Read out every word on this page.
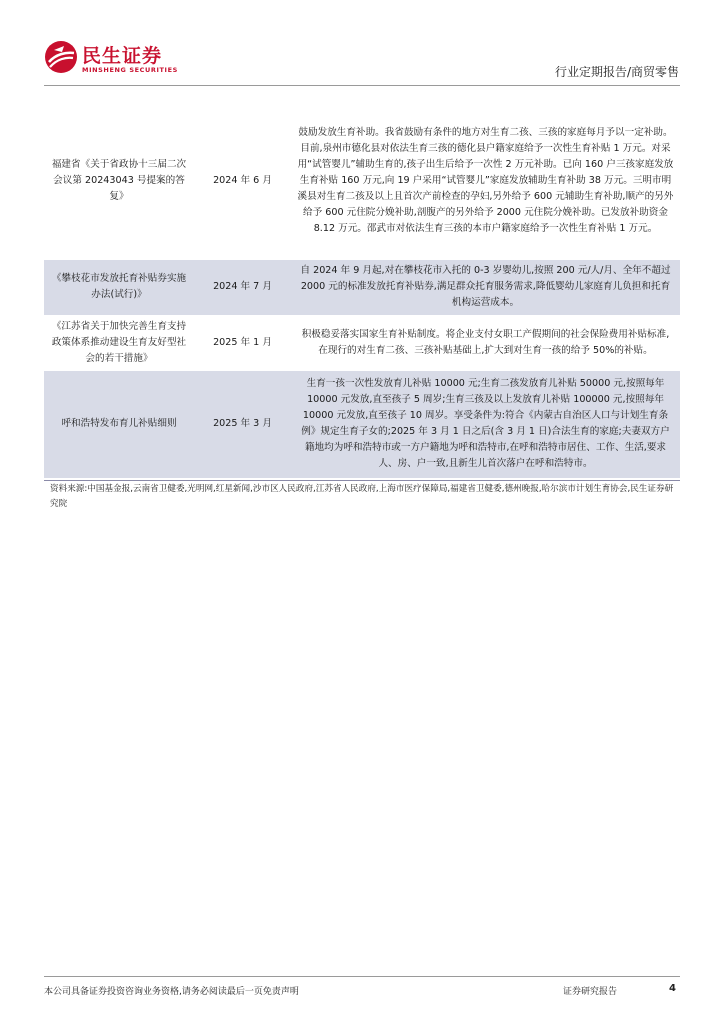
民生证券
MINSHENG SECURITIES	行业定期报告/商贸零售
福建省《关于省政协十三届二次会议第 20243043 号提案的答复》	2024 年 6 月	鼓励发放生育补助。我省鼓励有条件的地方对生育二孩、三孩的家庭每月予以一定补助。目前,泉州市德化县对依法生育三孩的德化县户籍家庭给予一次性生育补贴 1 万元。对采用“试管婴儿”辅助生育的,孩子出生后给予一次性 2 万元补助。已向 160 户三孩家庭发放生育补贴 160 万元,向 19 户采用“试管婴儿”家庭发放辅助生育补助 38 万元。三明市明溪县对生育二孩及以上且首次产前检查的孕妇,另外给予 600 元辅助生育补助,顺产的另外给予 600 元住院分娩补助,剖腹产的另外给予 2000 元住院分娩补助。已发放补助资金 8.12 万元。邵武市对依法生育三孩的本市户籍家庭给予一次性生育补贴 1 万元。
《攀枝花市发放托育补贴券实施办法(试行)》	2024 年 7 月	自 2024 年 9 月起,对在攀枝花市入托的 0-3 岁婴幼儿,按照 200 元/人/月、全年不超过 2000 元的标准发放托育补贴券,满足群众托育服务需求,降低婴幼儿家庭育儿负担和托育机构运营成本。
《江苏省关于加快完善生育支持政策体系推动建设生育友好型社会的若干措施》	2025 年 1 月	积极稳妥落实国家生育补贴制度。将企业支付女职工产假期间的社会保险费用补贴标准,在现行的对生育二孩、三孩补贴基础上,扩大到对生育一孩的给予 50%的补贴。
呼和浩特发布育儿补贴细则	2025 年 3 月	生育一孩一次性发放育儿补贴 10000 元;生育二孩发放育儿补贴 50000 元,按照每年 10000 元发放,直至孩子 5 周岁;生育三孩及以上发放育儿补贴 100000 元,按照每年 10000 元发放,直至孩子 10 周岁。享受条件为:符合《内蒙古自治区人口与计划生育条例》规定生育子女的;2025 年 3 月 1 日之后(含 3 月 1 日)合法生育的家庭;夫妻双方户籍地均为呼和浩特市或一方户籍地为呼和浩特市,在呼和浩特市居住、工作、生活,要求人、房、户一致,且新生儿首次落户在呼和浩特市。
资料来源:中国基金报,云南省卫健委,光明网,红星新闻,沙市区人民政府,江苏省人民政府,上海市医疗保障局,福建省卫健委,德州晚报,哈尔滨市计划生育协会,民生证券研究院
本公司具备证券投资咨询业务资格,请务必阅读最后一页免责声明	证券研究报告	4
